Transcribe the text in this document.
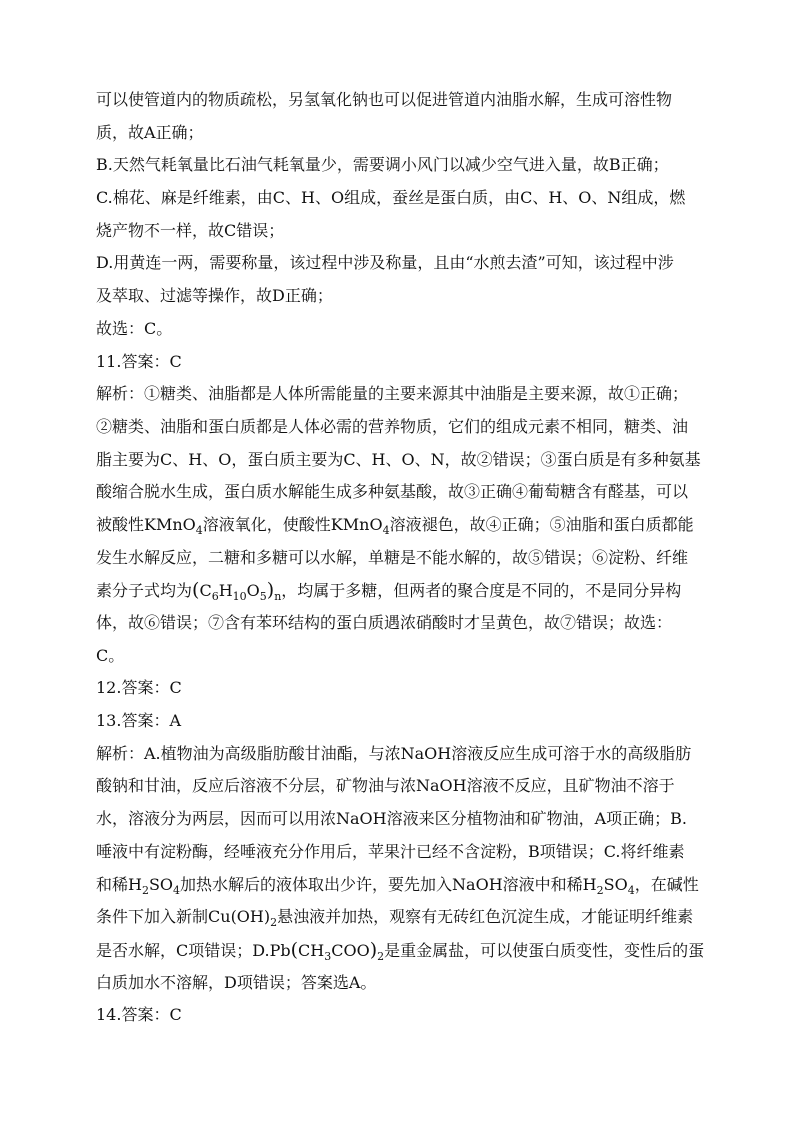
可以使管道内的物质疏松，另氢氧化钠也可以促进管道内油脂水解，生成可溶性物
质，故A正确；
B.天然气耗氧量比石油气耗氧量少，需要调小风门以减少空气进入量，故B正确；
C.棉花、麻是纤维素，由C、H、O组成，蚕丝是蛋白质，由C、H、O、N组成，燃
烧产物不一样，故C错误；
D.用黄连一两，需要称量，该过程中涉及称量，且由“水煎去渣”可知，该过程中涉
及萃取、过滤等操作，故D正确；
故选：C。
11.答案：C
解析：①糖类、油脂都是人体所需能量的主要来源其中油脂是主要来源，故①正确；
②糖类、油脂和蛋白质都是人体必需的营养物质，它们的组成元素不相同，糖类、油
脂主要为C、H、O，蛋白质主要为C、H、O、N，故②错误；③蛋白质是有多种氨基
酸缩合脱水生成，蛋白质水解能生成多种氨基酸，故③正确④葡萄糖含有醛基，可以
被酸性KMnO$_4$溶液氧化，使酸性KMnO$_4$溶液褪色，故④正确；⑤油脂和蛋白质都能
发生水解反应，二糖和多糖可以水解，单糖是不能水解的，故⑤错误；⑥淀粉、纤维
素分子式均为$(C_6H_{10}O_5)_n$，均属于多糖，但两者的聚合度是不同的，不是同分异构
体，故⑥错误；⑦含有苯环结构的蛋白质遇浓硝酸时才呈黄色，故⑦错误；故选：
C。
12.答案：C
13.答案：A
解析：A.植物油为高级脂肪酸甘油酯，与浓NaOH溶液反应生成可溶于水的高级脂肪
酸钠和甘油，反应后溶液不分层，矿物油与浓NaOH溶液不反应，且矿物油不溶于
水，溶液分为两层，因而可以用浓NaOH溶液来区分植物油和矿物油，A项正确；B.
唾液中有淀粉酶，经唾液充分作用后，苹果汁已经不含淀粉，B项错误；C.将纤维素
和稀$H_2SO_4$加热水解后的液体取出少许，要先加入NaOH溶液中和稀$H_2SO_4$，在碱性
条件下加入新制$Cu(OH)_2$悬浊液并加热，观察有无砖红色沉淀生成，才能证明纤维素
是否水解，C项错误；$D.Pb(CH_3COO)_2$是重金属盐，可以使蛋白质变性，变性后的蛋
白质加水不溶解，D项错误；答案选A。
14.答案：C
